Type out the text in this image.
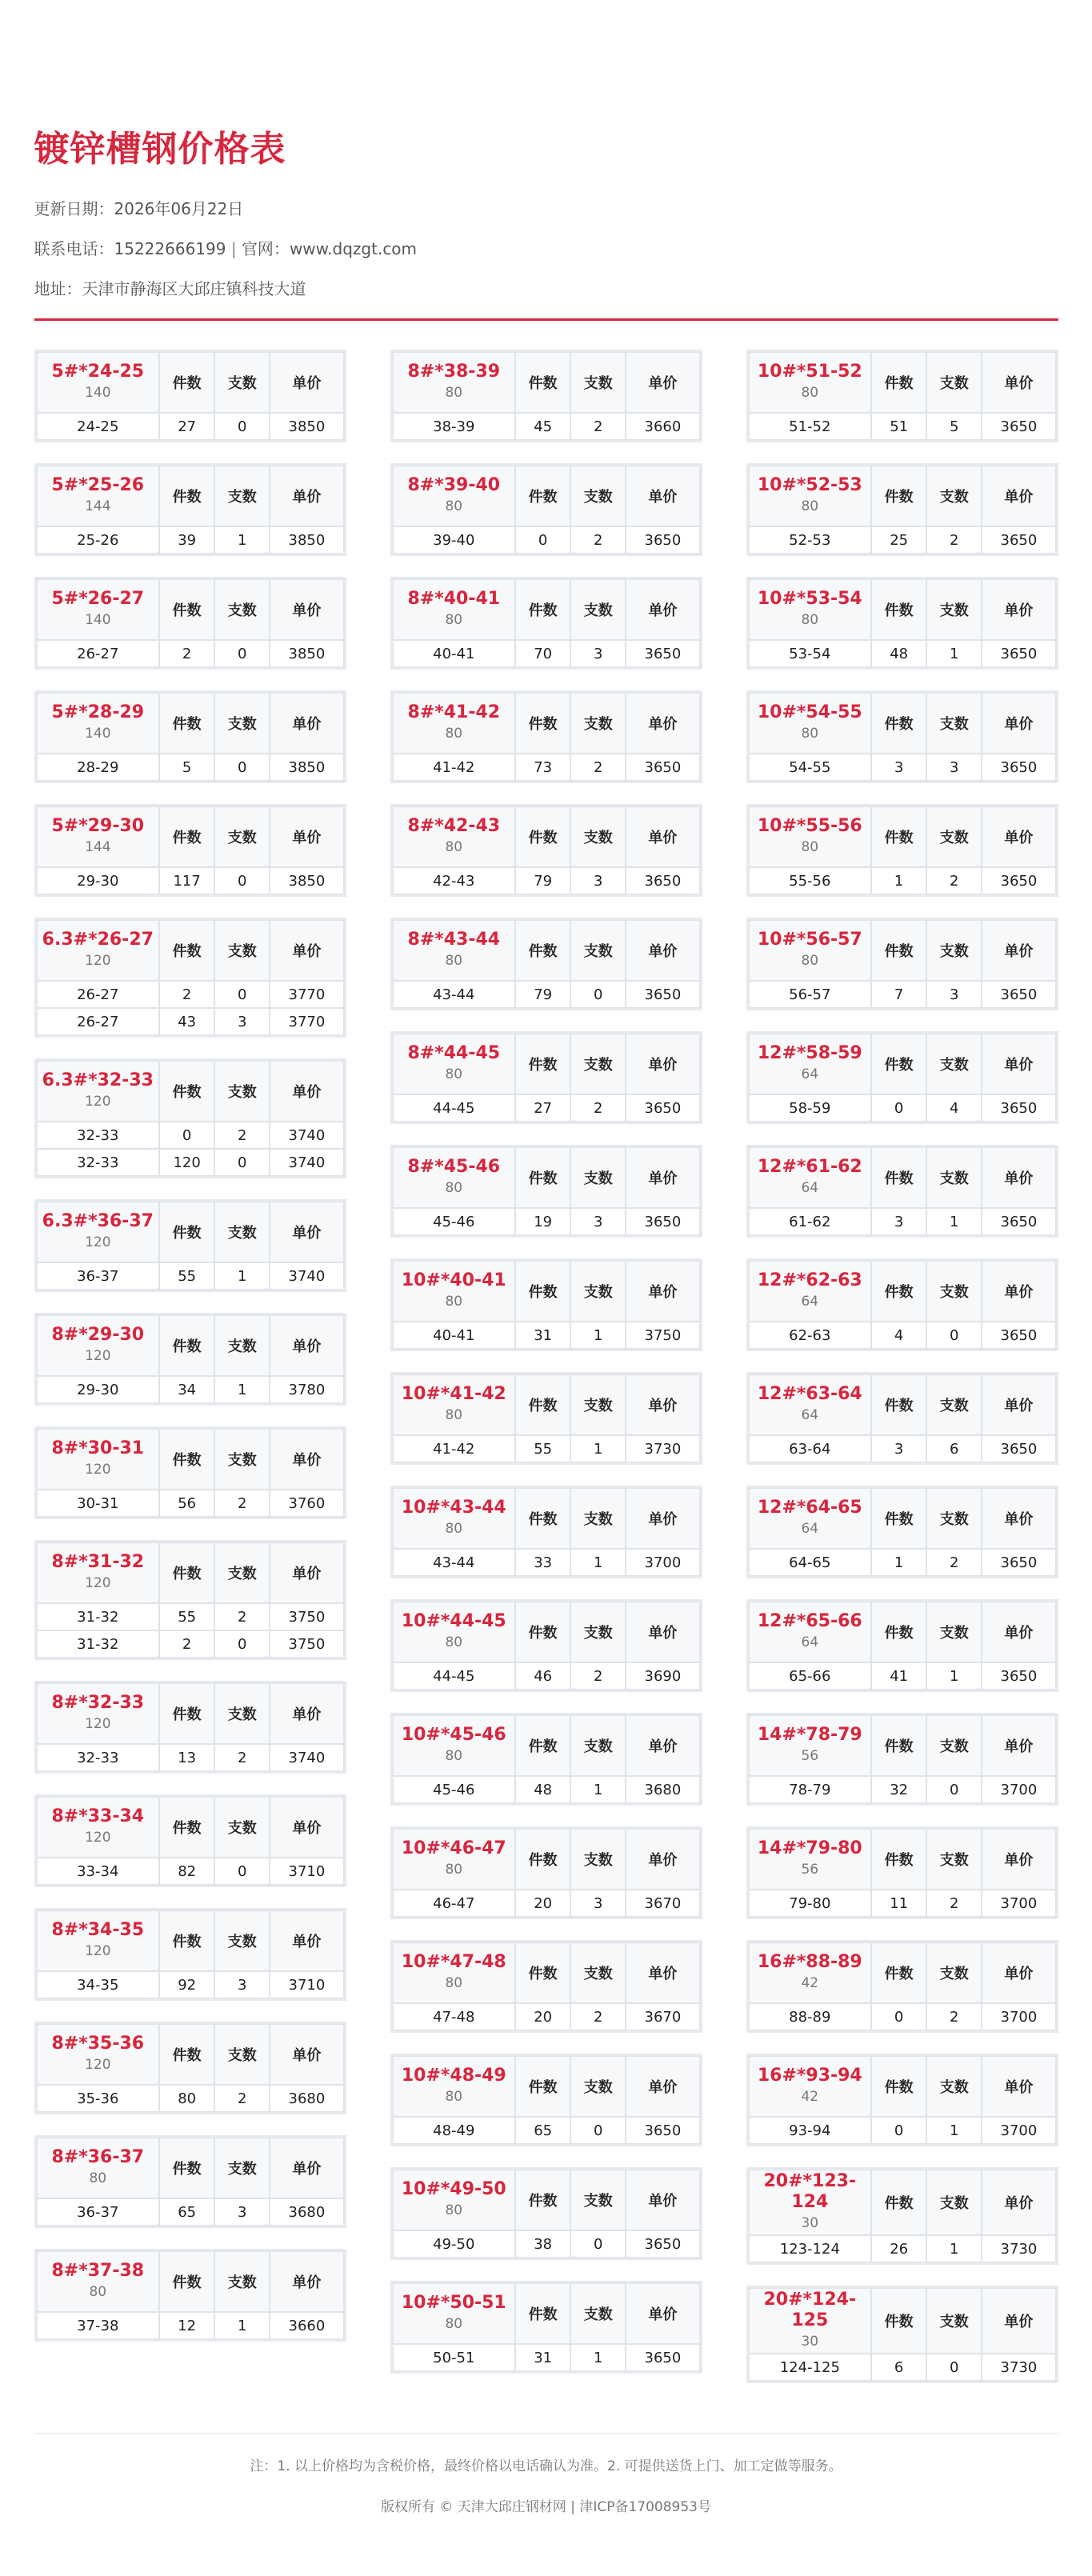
镀锌槽钢价格表

更新日期：2026年06月22日

联系电话：15222666199 | 官网：www.dqzgt.com

地址：天津市静海区大邱庄镇科技大道

5#*24-25
140	件数	支数	单价
24-25	27	0	3850
5#*25-26
144	件数	支数	单价
25-26	39	1	3850
5#*26-27
140	件数	支数	单价
26-27	2	0	3850
5#*28-29
140	件数	支数	单价
28-29	5	0	3850
5#*29-30
144	件数	支数	单价
29-30	117	0	3850
6.3#*26-27
120	件数	支数	单价
26-27	2	0	3770
26-27	43	3	3770
6.3#*32-33
120	件数	支数	单价
32-33	0	2	3740
32-33	120	0	3740
6.3#*36-37
120	件数	支数	单价
36-37	55	1	3740
8#*29-30
120	件数	支数	单价
29-30	34	1	3780
8#*30-31
120	件数	支数	单价
30-31	56	2	3760
8#*31-32
120	件数	支数	单价
31-32	55	2	3750
31-32	2	0	3750
8#*32-33
120	件数	支数	单价
32-33	13	2	3740
8#*33-34
120	件数	支数	单价
33-34	82	0	3710
8#*34-35
120	件数	支数	单价
34-35	92	3	3710
8#*35-36
120	件数	支数	单价
35-36	80	2	3680
8#*36-37
80	件数	支数	单价
36-37	65	3	3680
8#*37-38
80	件数	支数	单价
37-38	12	1	3660
8#*38-39
80	件数	支数	单价
38-39	45	2	3660
8#*39-40
80	件数	支数	单价
39-40	0	2	3650
8#*40-41
80	件数	支数	单价
40-41	70	3	3650
8#*41-42
80	件数	支数	单价
41-42	73	2	3650
8#*42-43
80	件数	支数	单价
42-43	79	3	3650
8#*43-44
80	件数	支数	单价
43-44	79	0	3650
8#*44-45
80	件数	支数	单价
44-45	27	2	3650
8#*45-46
80	件数	支数	单价
45-46	19	3	3650
10#*40-41
80	件数	支数	单价
40-41	31	1	3750
10#*41-42
80	件数	支数	单价
41-42	55	1	3730
10#*43-44
80	件数	支数	单价
43-44	33	1	3700
10#*44-45
80	件数	支数	单价
44-45	46	2	3690
10#*45-46
80	件数	支数	单价
45-46	48	1	3680
10#*46-47
80	件数	支数	单价
46-47	20	3	3670
10#*47-48
80	件数	支数	单价
47-48	20	2	3670
10#*48-49
80	件数	支数	单价
48-49	65	0	3650
10#*49-50
80	件数	支数	单价
49-50	38	0	3650
10#*50-51
80	件数	支数	单价
50-51	31	1	3650
10#*51-52
80	件数	支数	单价
51-52	51	5	3650
10#*52-53
80	件数	支数	单价
52-53	25	2	3650
10#*53-54
80	件数	支数	单价
53-54	48	1	3650
10#*54-55
80	件数	支数	单价
54-55	3	3	3650
10#*55-56
80	件数	支数	单价
55-56	1	2	3650
10#*56-57
80	件数	支数	单价
56-57	7	3	3650
12#*58-59
64	件数	支数	单价
58-59	0	4	3650
12#*61-62
64	件数	支数	单价
61-62	3	1	3650
12#*62-63
64	件数	支数	单价
62-63	4	0	3650
12#*63-64
64	件数	支数	单价
63-64	3	6	3650
12#*64-65
64	件数	支数	单价
64-65	1	2	3650
12#*65-66
64	件数	支数	单价
65-66	41	1	3650
14#*78-79
56	件数	支数	单价
78-79	32	0	3700
14#*79-80
56	件数	支数	单价
79-80	11	2	3700
16#*88-89
42	件数	支数	单价
88-89	0	2	3700
16#*93-94
42	件数	支数	单价
93-94	0	1	3700
20#*123-124
30	件数	支数	单价
123-124	26	1	3730
20#*124-125
30	件数	支数	单价
124-125	6	0	3730

注：1. 以上价格均为含税价格，最终价格以电话确认为准。2. 可提供送货上门、加工定做等服务。

版权所有 © 天津大邱庄钢材网 | 津ICP备17008953号
